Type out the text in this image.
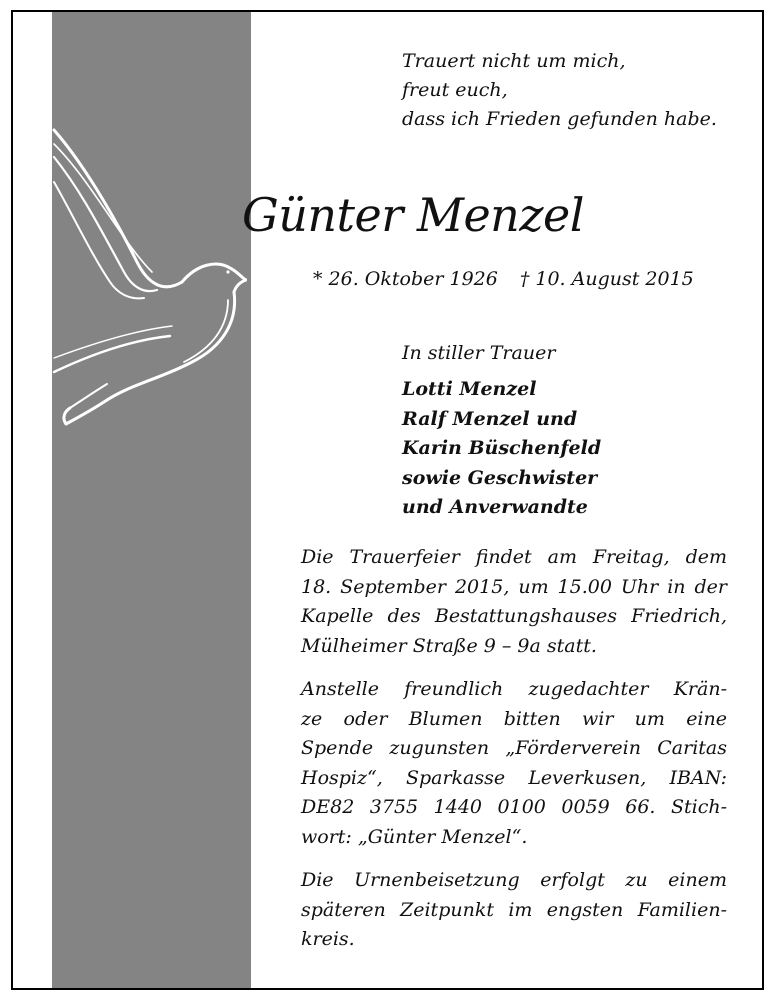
Trauert nicht um mich,
freut euch,
dass ich Frieden gefunden habe.
Günter Menzel
* 26. Oktober 1926 † 10. August 2015
In stiller Trauer
Lotti Menzel
Ralf Menzel und
Karin Büschenfeld
sowie Geschwister
und Anverwandte
Die Trauerfeier findet am Freitag, dem
18. September 2015, um 15.00 Uhr in der
Kapelle des Bestattungshauses Friedrich,
Mülheimer Straße 9 – 9a statt.
Anstelle freundlich zugedachter Krän-
ze oder Blumen bitten wir um eine
Spende zugunsten „Förderverein Caritas
Hospiz“, Sparkasse Leverkusen, IBAN:
DE82 3755 1440 0100 0059 66. Stich-
wort: „Günter Menzel“.
Die Urnenbeisetzung erfolgt zu einem
späteren Zeitpunkt im engsten Familien-
kreis.
